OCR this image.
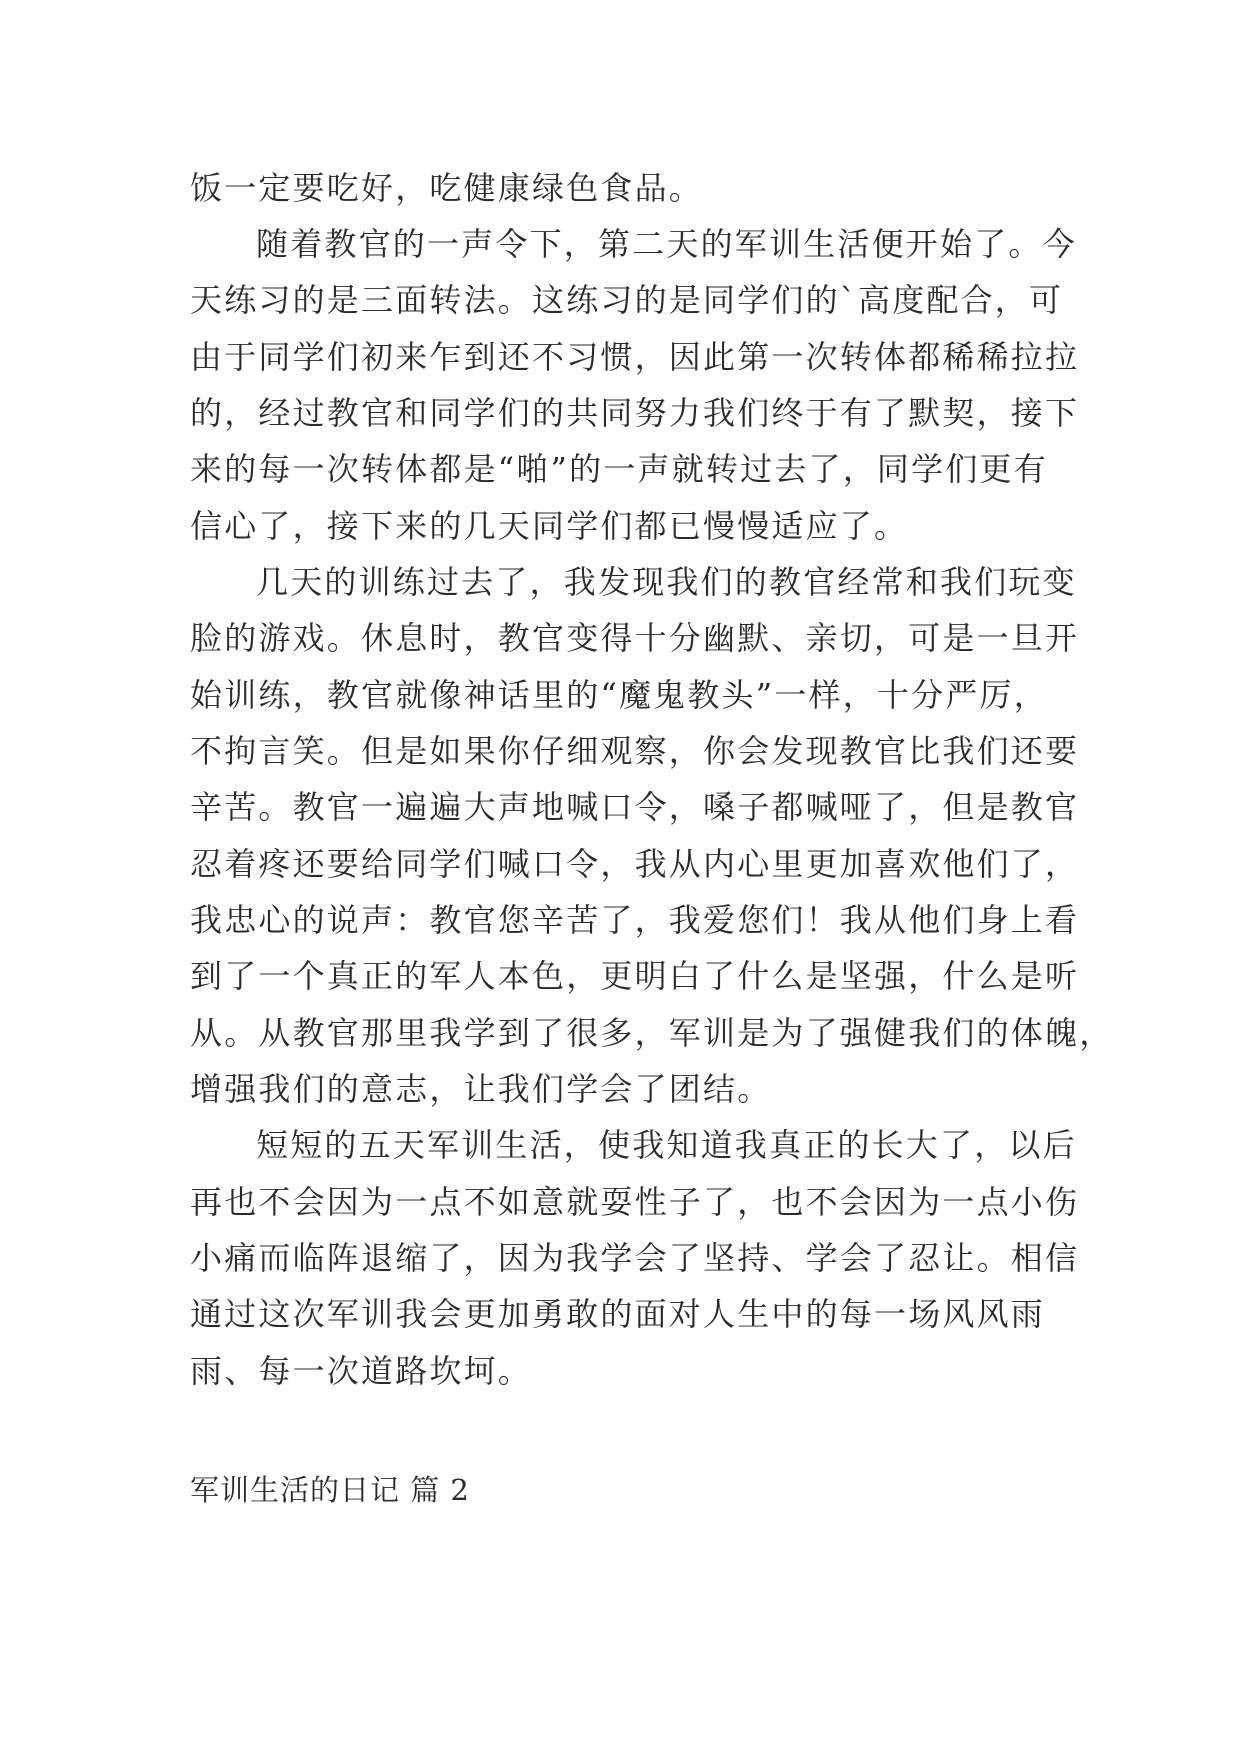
饭一定要吃好，吃健康绿色食品。
随着教官的一声令下，第二天的军训生活便开始了。今
天练习的是三面转法。这练习的是同学们的`高度配合，可
由于同学们初来乍到还不习惯，因此第一次转体都稀稀拉拉
的，经过教官和同学们的共同努力我们终于有了默契，接下
来的每一次转体都是“啪”的一声就转过去了，同学们更有
信心了，接下来的几天同学们都已慢慢适应了。
几天的训练过去了，我发现我们的教官经常和我们玩变
脸的游戏。休息时，教官变得十分幽默、亲切，可是一旦开
始训练，教官就像神话里的“魔鬼教头”一样，十分严厉，
不拘言笑。但是如果你仔细观察，你会发现教官比我们还要
辛苦。教官一遍遍大声地喊口令，嗓子都喊哑了，但是教官
忍着疼还要给同学们喊口令，我从内心里更加喜欢他们了，
我忠心的说声：教官您辛苦了，我爱您们！我从他们身上看
到了一个真正的军人本色，更明白了什么是坚强，什么是听
从。从教官那里我学到了很多，军训是为了强健我们的体魄，
增强我们的意志，让我们学会了团结。
短短的五天军训生活，使我知道我真正的长大了，以后
再也不会因为一点不如意就耍性子了，也不会因为一点小伤
小痛而临阵退缩了，因为我学会了坚持、学会了忍让。相信
通过这次军训我会更加勇敢的面对人生中的每一场风风雨
雨、每一次道路坎坷。
军训生活的日记 篇 2
